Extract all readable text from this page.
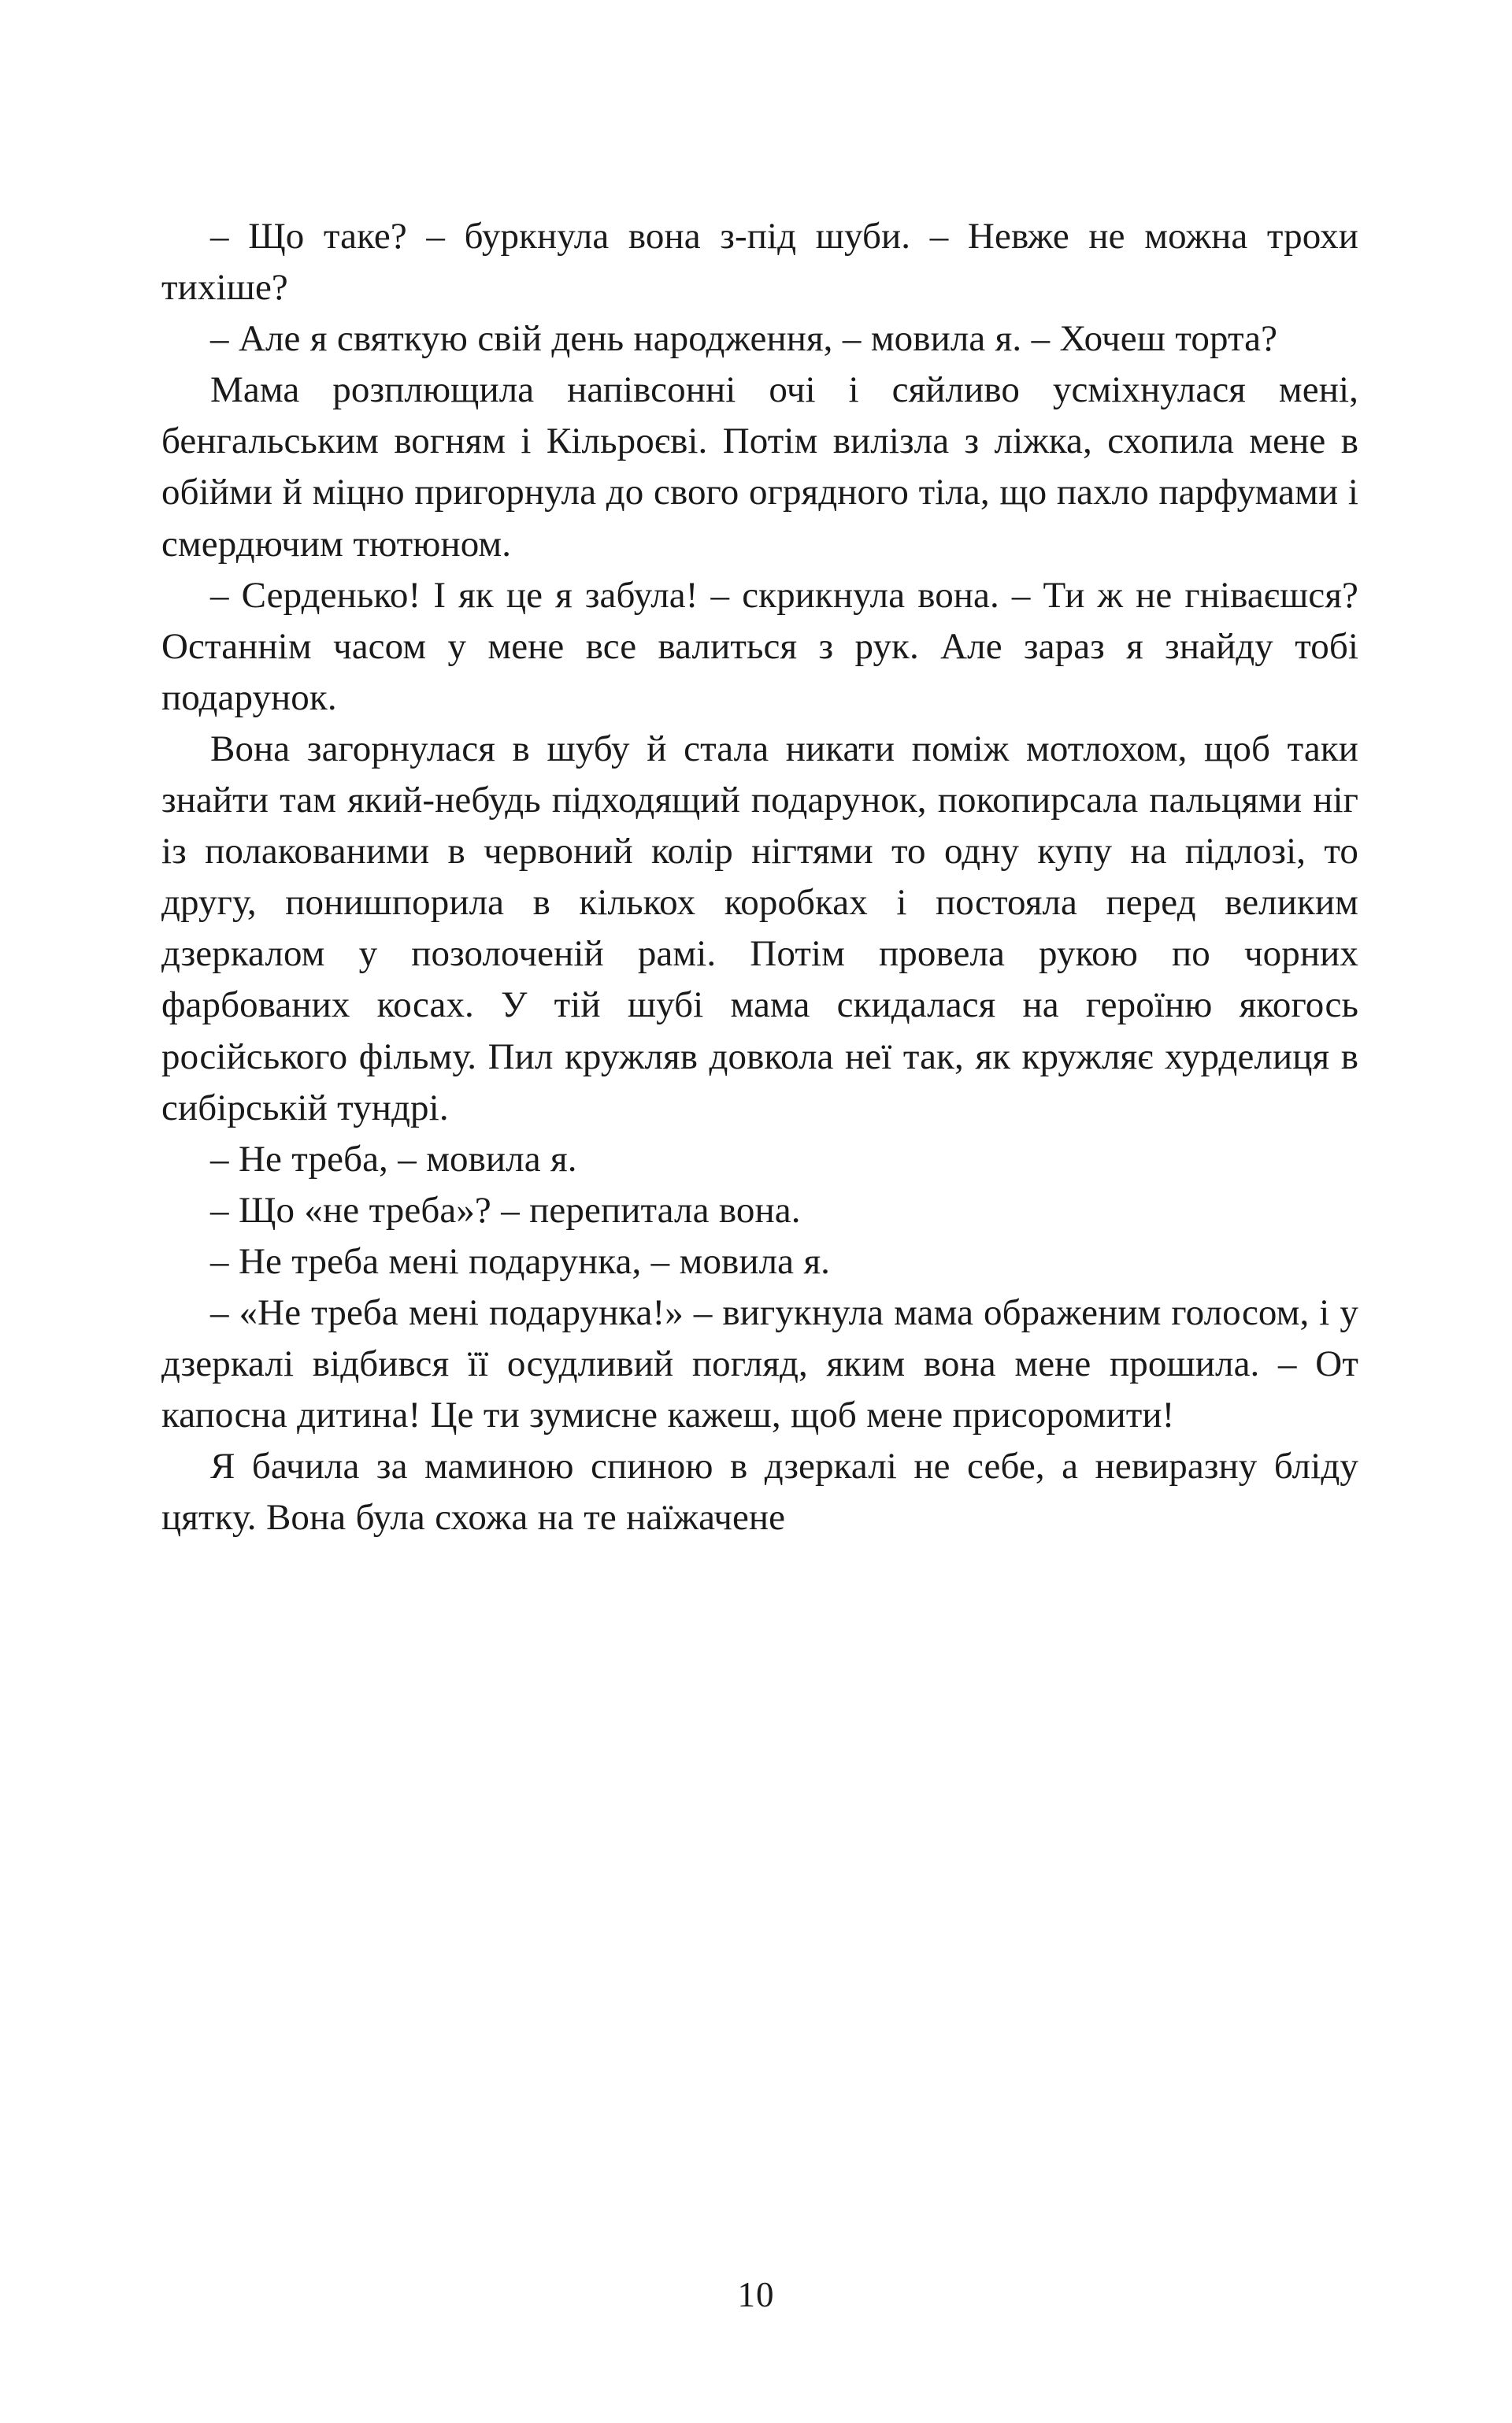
– Що таке? – буркнула вона з-під шуби. – Невже не можна трохи тихіше?

– Але я святкую свій день народження, – мовила я. – Хочеш торта?

Мама розплющила напівсонні очі і сяйливо усміхнулася мені, бенгальським вогням і Кільроєві. Потім вилізла з ліжка, схопила мене в обійми й міцно пригорнула до свого огрядного тіла, що пахло парфумами і смердючим тютюном.

– Серденько! І як це я забула! – скрикнула вона. – Ти ж не гніваєшся? Останнім часом у мене все валиться з рук. Але зараз я знайду тобі подарунок.

Вона загорнулася в шубу й стала никати поміж мотлохом, щоб таки знайти там який-небудь підходящий подарунок, покопирсала пальцями ніг із полакованими в червоний колір нігтями то одну купу на підлозі, то другу, понишпорила в кількох коробках і постояла перед великим дзеркалом у позолоченій рамі. Потім провела рукою по чорних фарбованих косах. У тій шубі мама скидалася на героїню якогось російського фільму. Пил кружляв довкола неї так, як кружляє хурделиця в сибірській тундрі.

– Не треба, – мовила я.

– Що «не треба»? – перепитала вона.

– Не треба мені подарунка, – мовила я.

– «Не треба мені подарунка!» – вигукнула мама ображеним голосом, і у дзеркалі відбився її осудливий погляд, яким вона мене прошила. – От капосна дитина! Це ти зумисне кажеш, щоб мене присоромити!

Я бачила за маминою спиною в дзеркалі не себе, а невиразну бліду цятку. Вона була схожа на те наїжачене

10
